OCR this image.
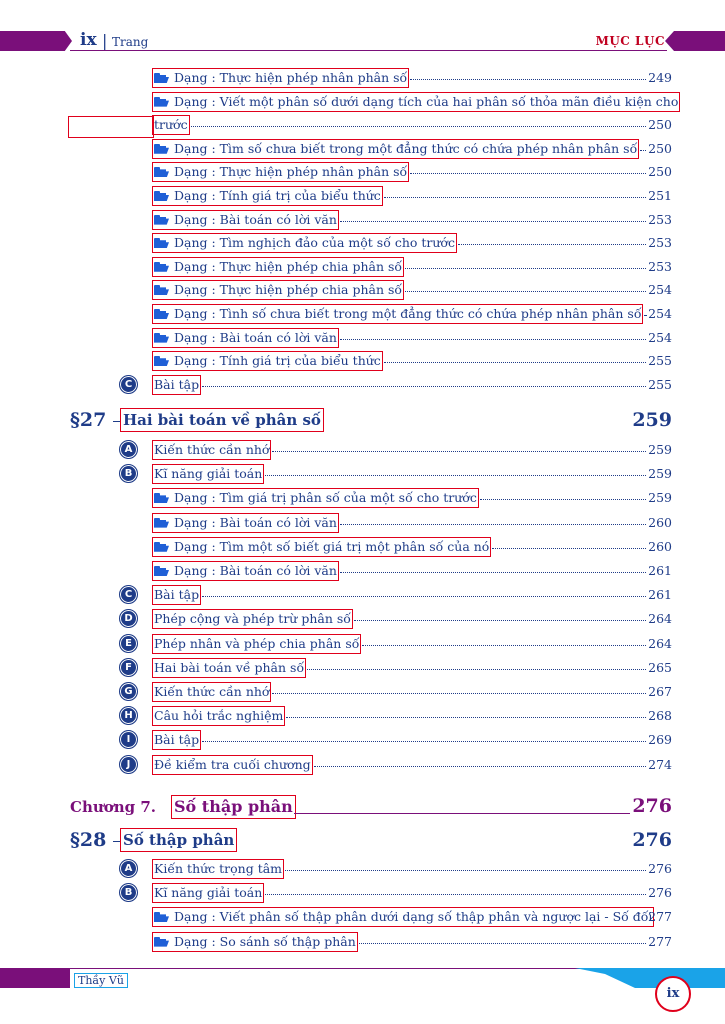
ix | Trang	MỤC LỤC
Dạng : Thực hiện phép nhân phân số	249
Dạng : Viết một phân số dưới dạng tích của hai phân số thỏa mãn điều kiện cho
trước	250
Dạng : Tìm số chưa biết trong một đẳng thức có chứa phép nhân phân số 250
Dạng : Thực hiện phép nhân phân số	250
Dạng : Tính giá trị của biểu thức	251
Dạng : Bài toán có lời văn	253
Dạng : Tìm nghịch đảo của một số cho trước	253
Dạng : Thực hiện phép chia phân số	253
Dạng : Thực hiện phép chia phân số	254
Dạng : Tình số chưa biết trong một đẳng thức có chứa phép nhân phân số 254
Dạng : Bài toán có lời văn	254
Dạng : Tính giá trị của biểu thức	255
C	Bài tập	255
§27 Hai bài toán về phân số	259
A	Kiến thức cần nhớ	259
B	Kĩ năng giải toán	259
Dạng : Tìm giá trị phân số của một số cho trước	259
Dạng : Bài toán có lời văn	260
Dạng : Tìm một số biết giá trị một phân số của nó	260
Dạng : Bài toán có lời văn	261
C	Bài tập	261
D	Phép cộng và phép trừ phân số	264
E	Phép nhân và phép chia phân số	264
F	Hai bài toán về phân số	265
G	Kiến thức cần nhớ	267
H	Câu hỏi trắc nghiệm	268
I	Bài tập	269
J	Đề kiểm tra cuối chương	274
Chương 7. Số thập phân	276
§28 Số thập phân	276
A	Kiến thức trọng tâm	276
B	Kĩ năng giải toán	276
Dạng : Viết phân số thập phân dưới dạng số thập phân và ngược lại - Số đối
277
Dạng : So sánh số thập phân	277
Thầy Vũ
ix
